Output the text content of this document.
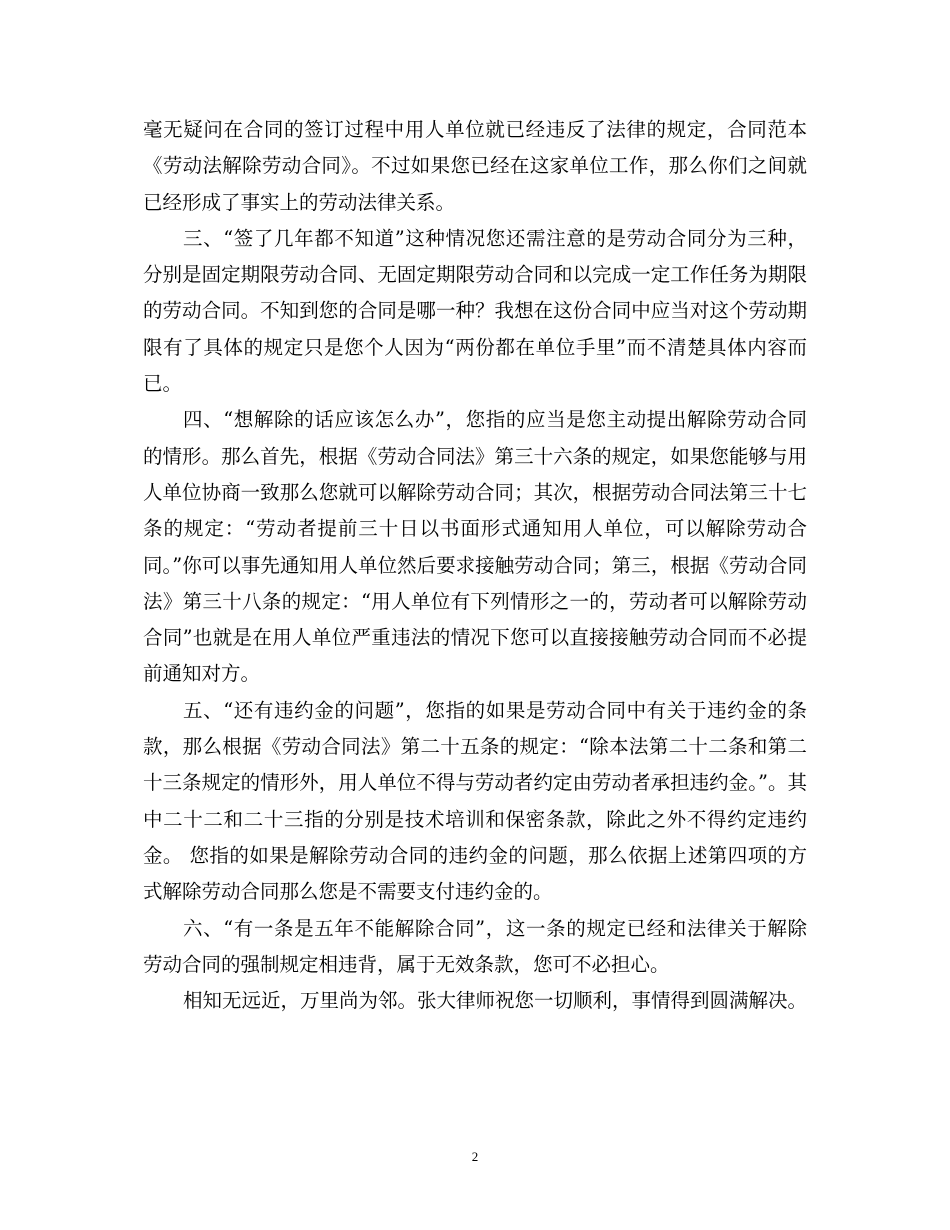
毫无疑问在合同的签订过程中用人单位就已经违反了法律的规定，合同范本《劳动法解除劳动合同》。不过如果您已经在这家单位工作，那么你们之间就已经形成了事实上的劳动法律关系。

三、“签了几年都不知道”这种情况您还需注意的是劳动合同分为三种，分别是固定期限劳动合同、无固定期限劳动合同和以完成一定工作任务为期限的劳动合同。不知到您的合同是哪一种？我想在这份合同中应当对这个劳动期限有了具体的规定只是您个人因为“两份都在单位手里”而不清楚具体内容而已。

四、“想解除的话应该怎么办”，您指的应当是您主动提出解除劳动合同的情形。那么首先，根据《劳动合同法》第三十六条的规定，如果您能够与用人单位协商一致那么您就可以解除劳动合同；其次，根据劳动合同法第三十七条的规定：“劳动者提前三十日以书面形式通知用人单位，可以解除劳动合同。”你可以事先通知用人单位然后要求接触劳动合同；第三，根据《劳动合同法》第三十八条的规定：“用人单位有下列情形之一的，劳动者可以解除劳动合同”也就是在用人单位严重违法的情况下您可以直接接触劳动合同而不必提前通知对方。

五、“还有违约金的问题”，您指的如果是劳动合同中有关于违约金的条款，那么根据《劳动合同法》第二十五条的规定：“除本法第二十二条和第二十三条规定的情形外，用人单位不得与劳动者约定由劳动者承担违约金。”。其中二十二和二十三指的分别是技术培训和保密条款，除此之外不得约定违约金。 您指的如果是解除劳动合同的违约金的问题，那么依据上述第四项的方式解除劳动合同那么您是不需要支付违约金的。

六、“有一条是五年不能解除合同”，这一条的规定已经和法律关于解除劳动合同的强制规定相违背，属于无效条款，您可不必担心。

相知无远近，万里尚为邻。张大律师祝您一切顺利，事情得到圆满解决。

2
